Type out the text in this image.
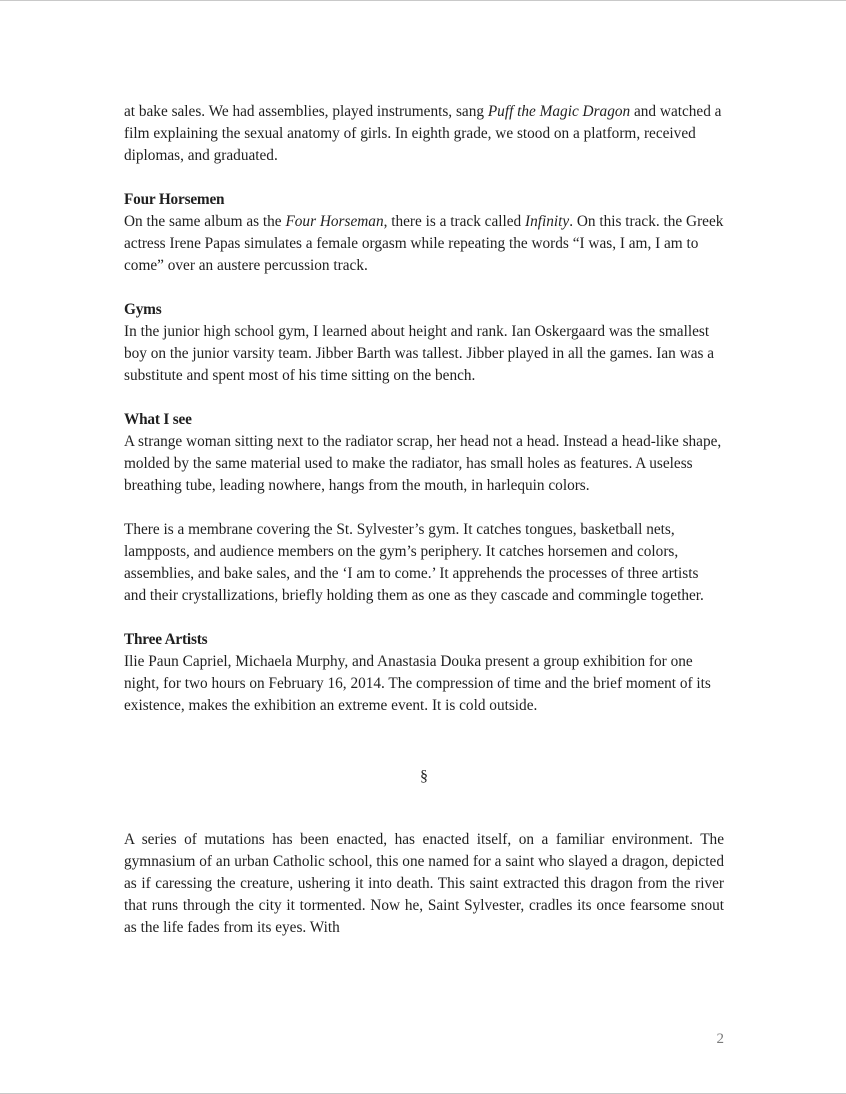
at bake sales. We had assemblies, played instruments, sang Puff the Magic Dragon and watched a film explaining the sexual anatomy of girls. In eighth grade, we stood on a platform, received diplomas, and graduated.

Four Horsemen

On the same album as the Four Horseman, there is a track called Infinity. On this track. the Greek actress Irene Papas simulates a female orgasm while repeating the words “I was, I am, I am to come” over an austere percussion track.

Gyms

In the junior high school gym, I learned about height and rank. Ian Oskergaard was the smallest boy on the junior varsity team. Jibber Barth was tallest. Jibber played in all the games. Ian was a substitute and spent most of his time sitting on the bench.

What I see

A strange woman sitting next to the radiator scrap, her head not a head. Instead a head-like shape, molded by the same material used to make the radiator, has small holes as features. A useless breathing tube, leading nowhere, hangs from the mouth, in harlequin colors.

There is a membrane covering the St. Sylvester’s gym. It catches tongues, basketball nets, lampposts, and audience members on the gym’s periphery. It catches horsemen and colors, assemblies, and bake sales, and the ‘I am to come.’ It apprehends the processes of three artists and their crystallizations, briefly holding them as one as they cascade and commingle together.

Three Artists

Ilie Paun Capriel, Michaela Murphy, and Anastasia Douka present a group exhibition for one night, for two hours on February 16, 2014. The compression of time and the brief moment of its existence, makes the exhibition an extreme event. It is cold outside.

§

A series of mutations has been enacted, has enacted itself, on a familiar environment. The gymnasium of an urban Catholic school, this one named for a saint who slayed a dragon, depicted as if caressing the creature, ushering it into death. This saint extracted this dragon from the river that runs through the city it tormented. Now he, Saint Sylvester, cradles its once fearsome snout as the life fades from its eyes. With

2
